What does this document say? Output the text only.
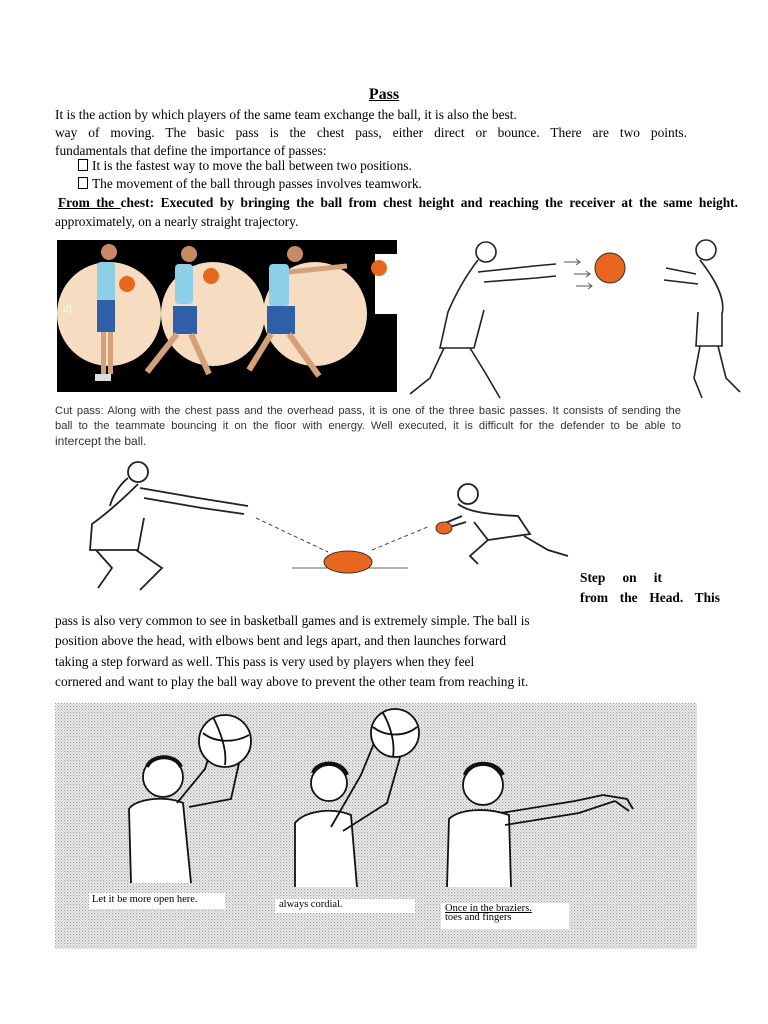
Pass
It is the action by which players of the same team exchange the ball, it is also the best.
way of moving. The basic pass is the chest pass, either direct or bounce. There are two points.
fundamentals that define the importance of passes:
It is the fastest way to move the ball between two positions.
The movement of the ball through passes involves teamwork.
From the chest: Executed by bringing the ball from chest height and reaching the receiver at the same height.
approximately, on a nearly straight trajectory.
d)
Cut pass: Along with the chest pass and the overhead pass, it is one of the three basic passes. It consists of sending the
ball to the teammate bouncing it on the floor with energy. Well executed, it is difficult for the defender to be able to
intercept the ball.
Step on it
from the Head. This
pass is also very common to see in basketball games and is extremely simple. The ball is
position above the head, with elbows bent and legs apart, and then launches forward
taking a step forward as well. This pass is very used by players when they feel
cornered and want to play the ball way above to prevent the other team from reaching it.
Let it be more open here.	always cordial.	Once in the braziers.
toes and fingers
